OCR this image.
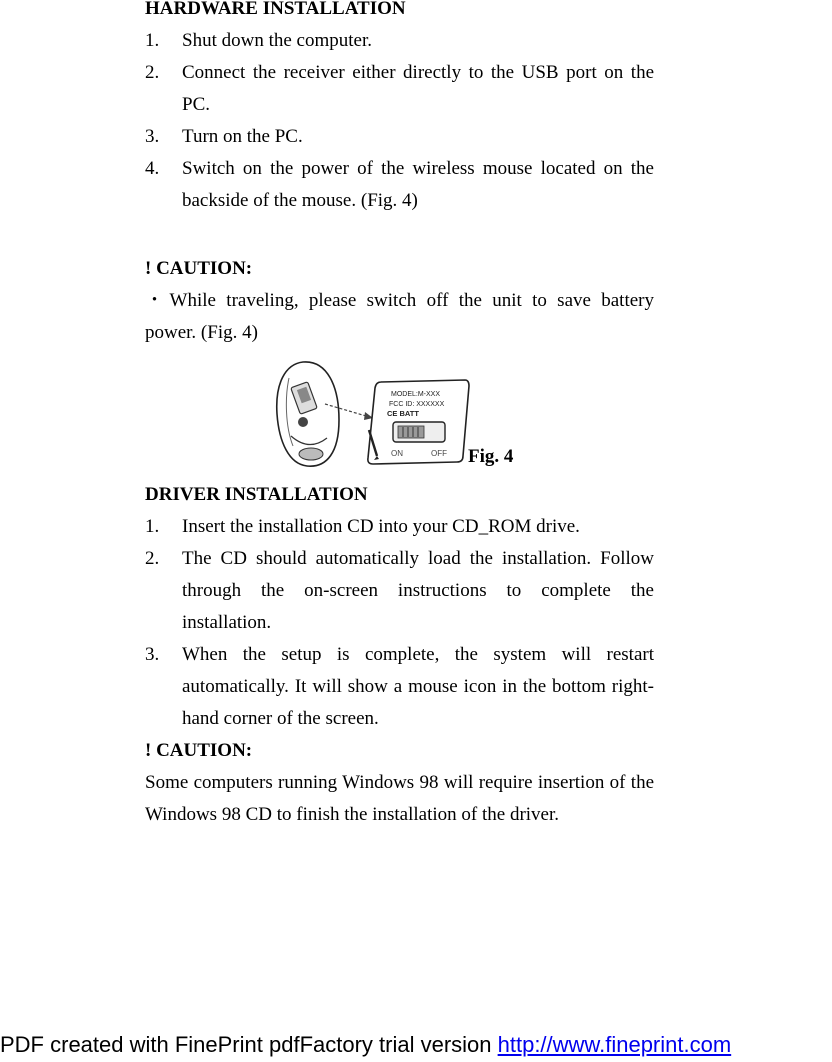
HARDWARE INSTALLATION
1.	Shut down the computer.
2.	Connect the receiver either directly to the USB port on the PC.
3.	Turn on the PC.
4.	Switch on the power of the wireless mouse located on the backside of the mouse. (Fig. 4)
! CAUTION:

・While traveling, please switch off the unit to save battery power. (Fig. 4)

MODEL:M-XXX
FCC ID: XXXXXX
CE BATT
ON	OFF Fig. 4
DRIVER INSTALLATION
1.	Insert the installation CD into your CD_ROM drive.
2.	The CD should automatically load the installation. Follow through the on-screen instructions to complete the installation.
3.	When the setup is complete, the system will restart automatically. It will show a mouse icon in the bottom right-hand corner of the screen.
! CAUTION:

Some computers running Windows 98 will require insertion of the Windows 98 CD to finish the installation of the driver.

PDF created with FinePrint pdfFactory trial version http://www.fineprint.com
